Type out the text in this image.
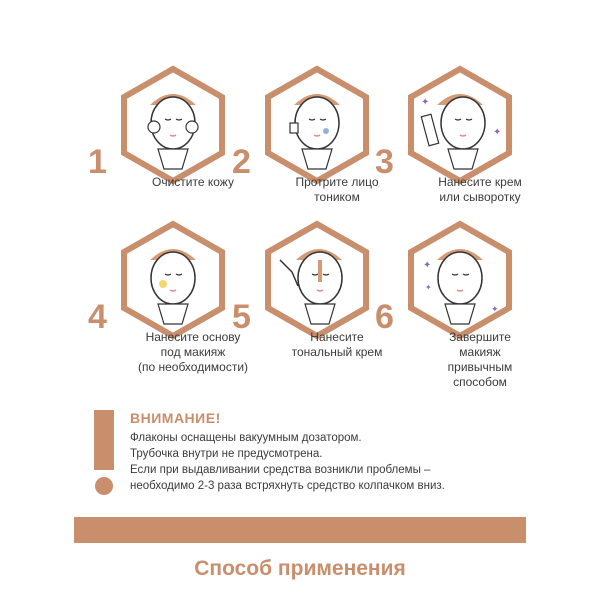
1
Очистите кожу
2
Протрите лицо
тоником
✦
✦
3
Нанесите крем
или сыворотку
4
Нанесите основу
под макияж
(по необходимости)
5
Нанесите
тональный крем
✦
✦
✦
6
Завершите
макияж
привычным
способом
ВНИМАНИЕ!
Флаконы оснащены вакуумным дозатором.
Трубочка внутри не предусмотрена.
Если при выдавливании средства возникли проблемы –
необходимо 2-3 раза встряхнуть средство колпачком вниз.
Способ применения
